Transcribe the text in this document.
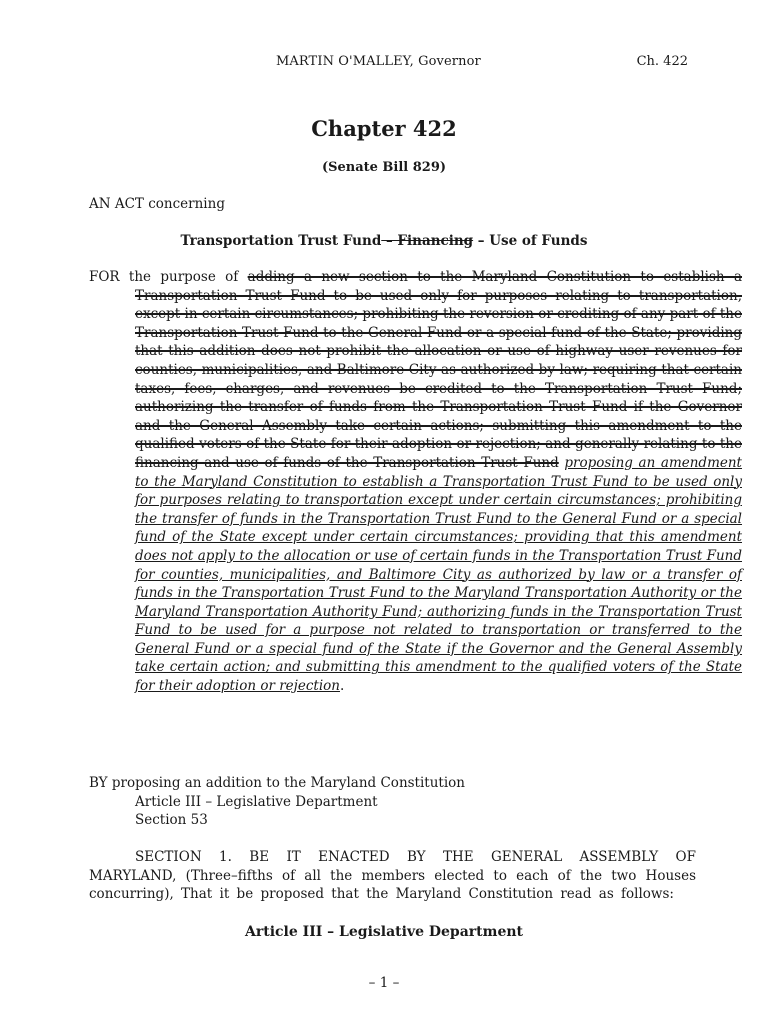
MARTIN O'MALLEY, Governor	Ch. 422
Chapter 422
(Senate Bill 829)
AN ACT concerning
Transportation Trust Fund – Financing – Use of Funds
FOR the purpose of adding a new section to the Maryland Constitution to establish a Transportation Trust Fund to be used only for purposes relating to transportation, except in certain circumstances; prohibiting the reversion or crediting of any part of the Transportation Trust Fund to the General Fund or a special fund of the State; providing that this addition does not prohibit the allocation or use of highway user revenues for counties, municipalities, and Baltimore City as authorized by law; requiring that certain taxes, fees, charges, and revenues be credited to the Transportation Trust Fund; authorizing the transfer of funds from the Transportation Trust Fund if the Governor and the General Assembly take certain actions; submitting this amendment to the qualified voters of the State for their adoption or rejection; and generally relating to the financing and use of funds of the Transportation Trust Fund proposing an amendment to the Maryland Constitution to establish a Transportation Trust Fund to be used only for purposes relating to transportation except under certain circumstances; prohibiting the transfer of funds in the Transportation Trust Fund to the General Fund or a special fund of the State except under certain circumstances; providing that this amendment does not apply to the allocation or use of certain funds in the Transportation Trust Fund for counties, municipalities, and Baltimore City as authorized by law or a transfer of funds in the Transportation Trust Fund to the Maryland Transportation Authority or the Maryland Transportation Authority Fund; authorizing funds in the Transportation Trust Fund to be used for a purpose not related to transportation or transferred to the General Fund or a special fund of the State if the Governor and the General Assembly take certain action; and submitting this amendment to the qualified voters of the State for their adoption or rejection.
BY proposing an addition to the Maryland Constitution
Article III – Legislative Department
Section 53
SECTION 1. BE IT ENACTED BY THE GENERAL ASSEMBLY OF MARYLAND, (Three–fifths of all the members elected to each of the two Houses concurring), That it be proposed that the Maryland Constitution read as follows:
Article III – Legislative Department
– 1 –
